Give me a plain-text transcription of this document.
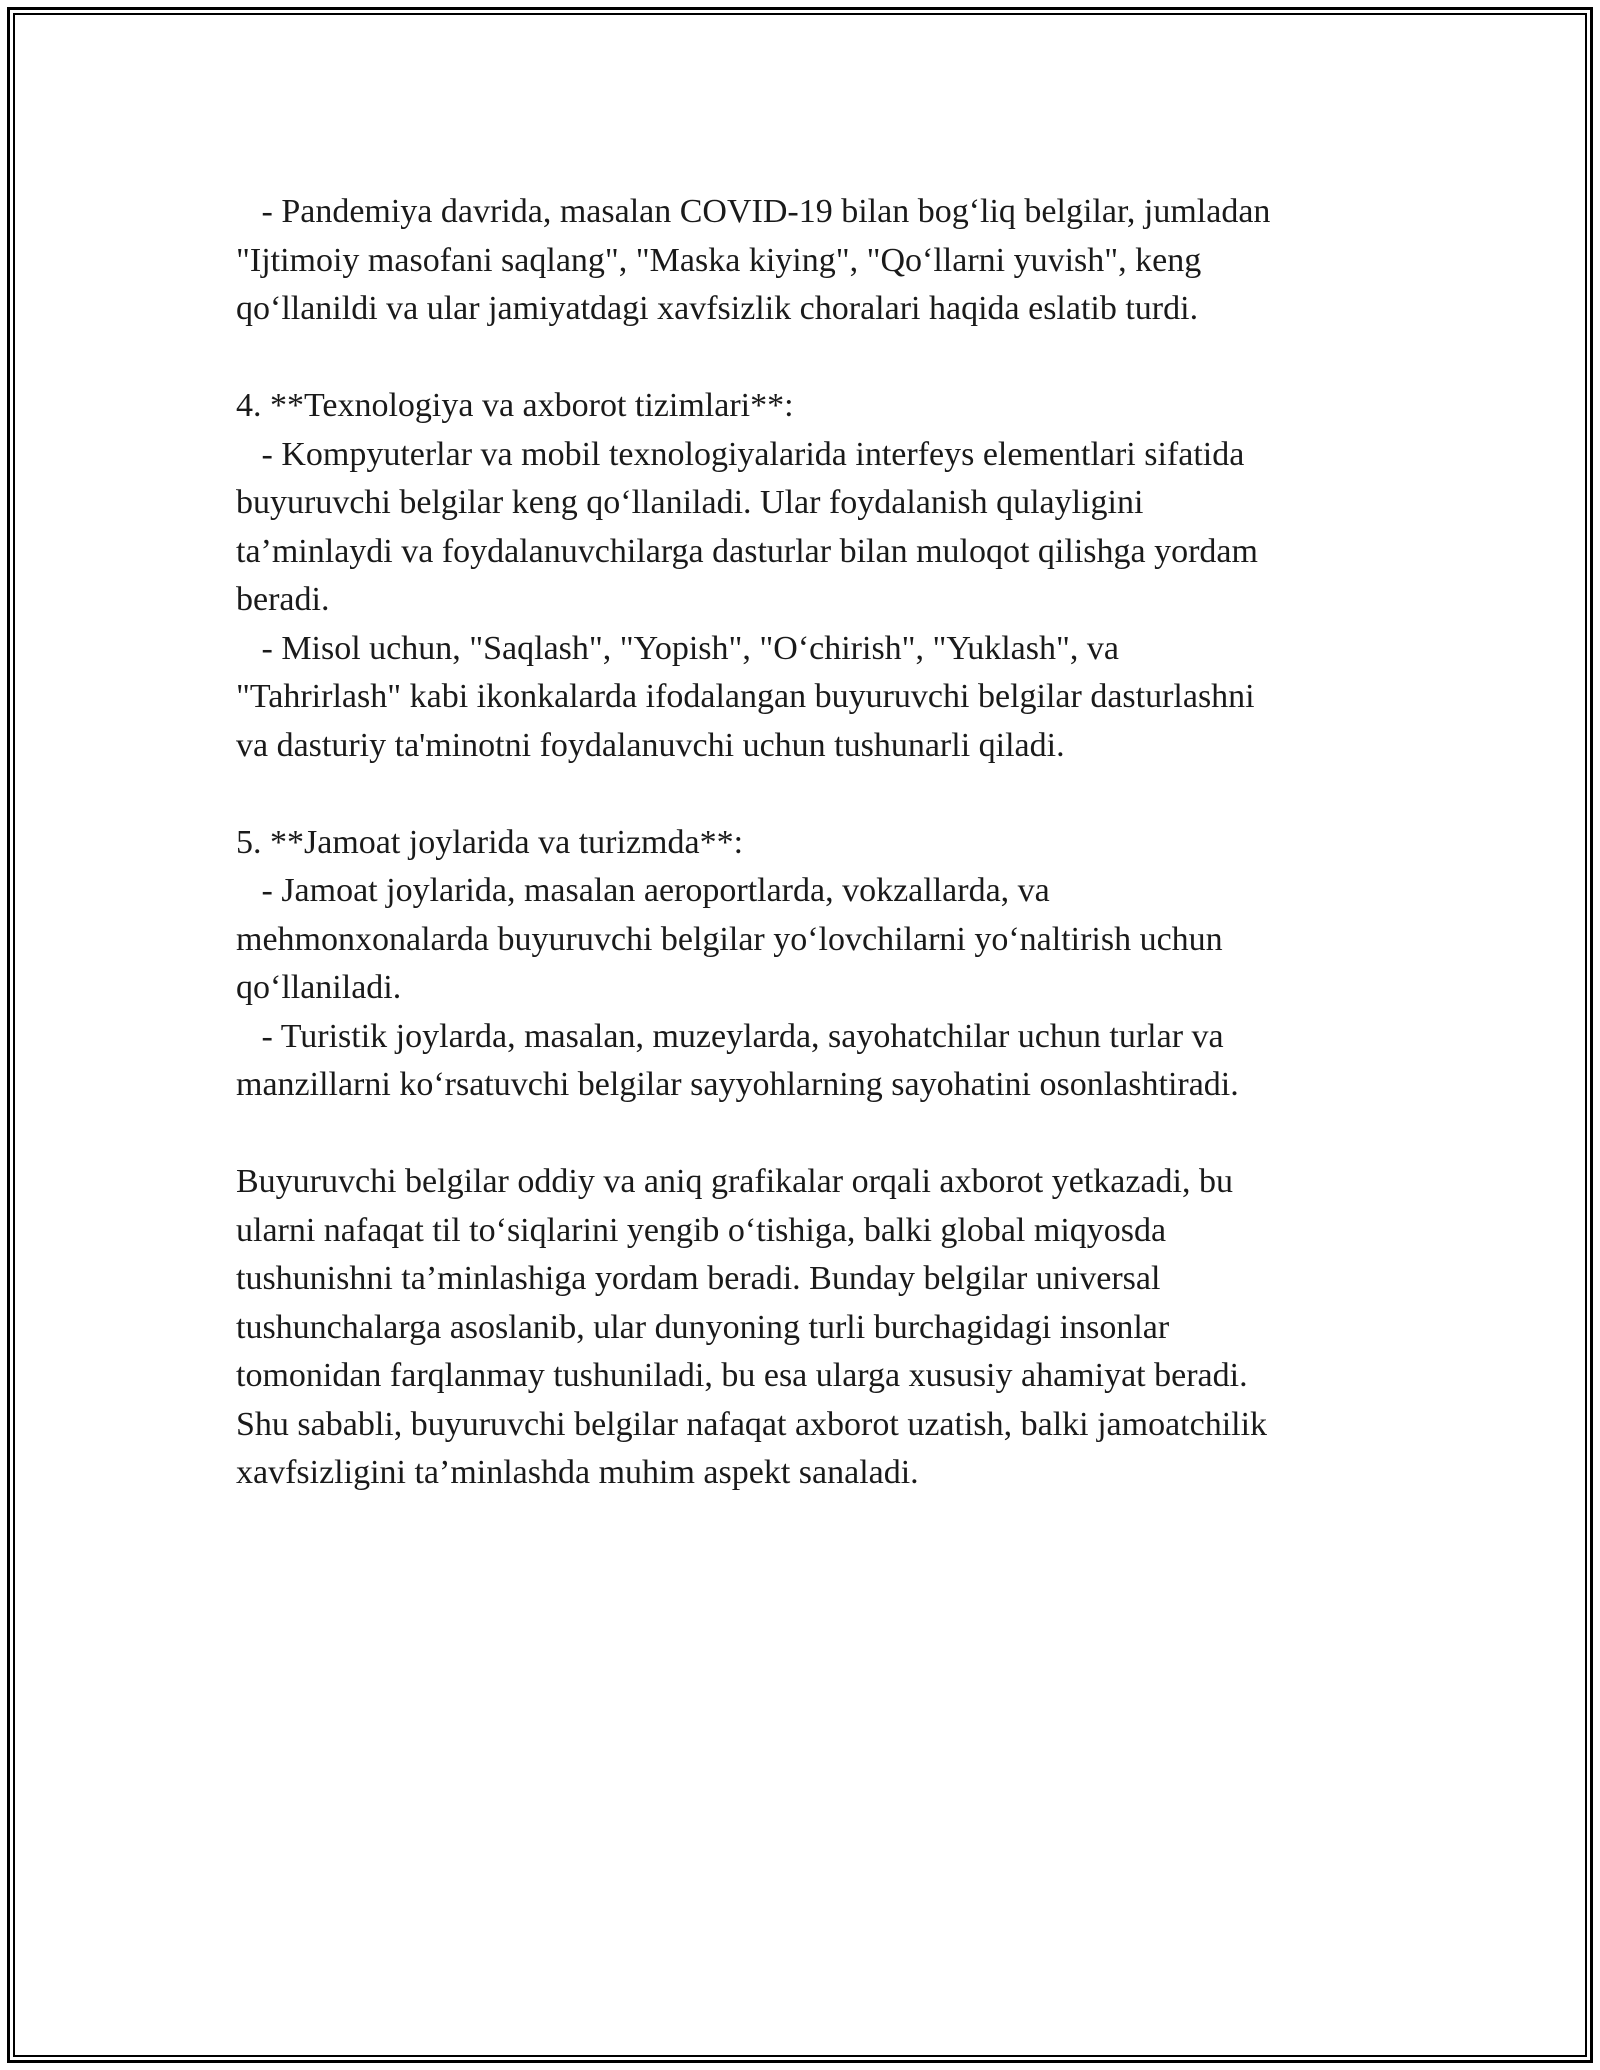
- Pandemiya davrida, masalan COVID-19 bilan bog‘liq belgilar, jumladan
"Ijtimoiy masofani saqlang", "Maska kiying", "Qo‘llarni yuvish", keng
qo‘llanildi va ular jamiyatdagi xavfsizlik choralari haqida eslatib turdi.
4. **Texnologiya va axborot tizimlari**:
- Kompyuterlar va mobil texnologiyalarida interfeys elementlari sifatida
buyuruvchi belgilar keng qo‘llaniladi. Ular foydalanish qulayligini
ta’minlaydi va foydalanuvchilarga dasturlar bilan muloqot qilishga yordam
beradi.
- Misol uchun, "Saqlash", "Yopish", "O‘chirish", "Yuklash", va
"Tahrirlash" kabi ikonkalarda ifodalangan buyuruvchi belgilar dasturlashni
va dasturiy ta'minotni foydalanuvchi uchun tushunarli qiladi.
5. **Jamoat joylarida va turizmda**:
- Jamoat joylarida, masalan aeroportlarda, vokzallarda, va
mehmonxonalarda buyuruvchi belgilar yo‘lovchilarni yo‘naltirish uchun
qo‘llaniladi.
- Turistik joylarda, masalan, muzeylarda, sayohatchilar uchun turlar va
manzillarni ko‘rsatuvchi belgilar sayyohlarning sayohatini osonlashtiradi.
Buyuruvchi belgilar oddiy va aniq grafikalar orqali axborot yetkazadi, bu
ularni nafaqat til to‘siqlarini yengib o‘tishiga, balki global miqyosda
tushunishni ta’minlashiga yordam beradi. Bunday belgilar universal
tushunchalarga asoslanib, ular dunyoning turli burchagidagi insonlar
tomonidan farqlanmay tushuniladi, bu esa ularga xususiy ahamiyat beradi.
Shu sababli, buyuruvchi belgilar nafaqat axborot uzatish, balki jamoatchilik
xavfsizligini ta’minlashda muhim aspekt sanaladi.
